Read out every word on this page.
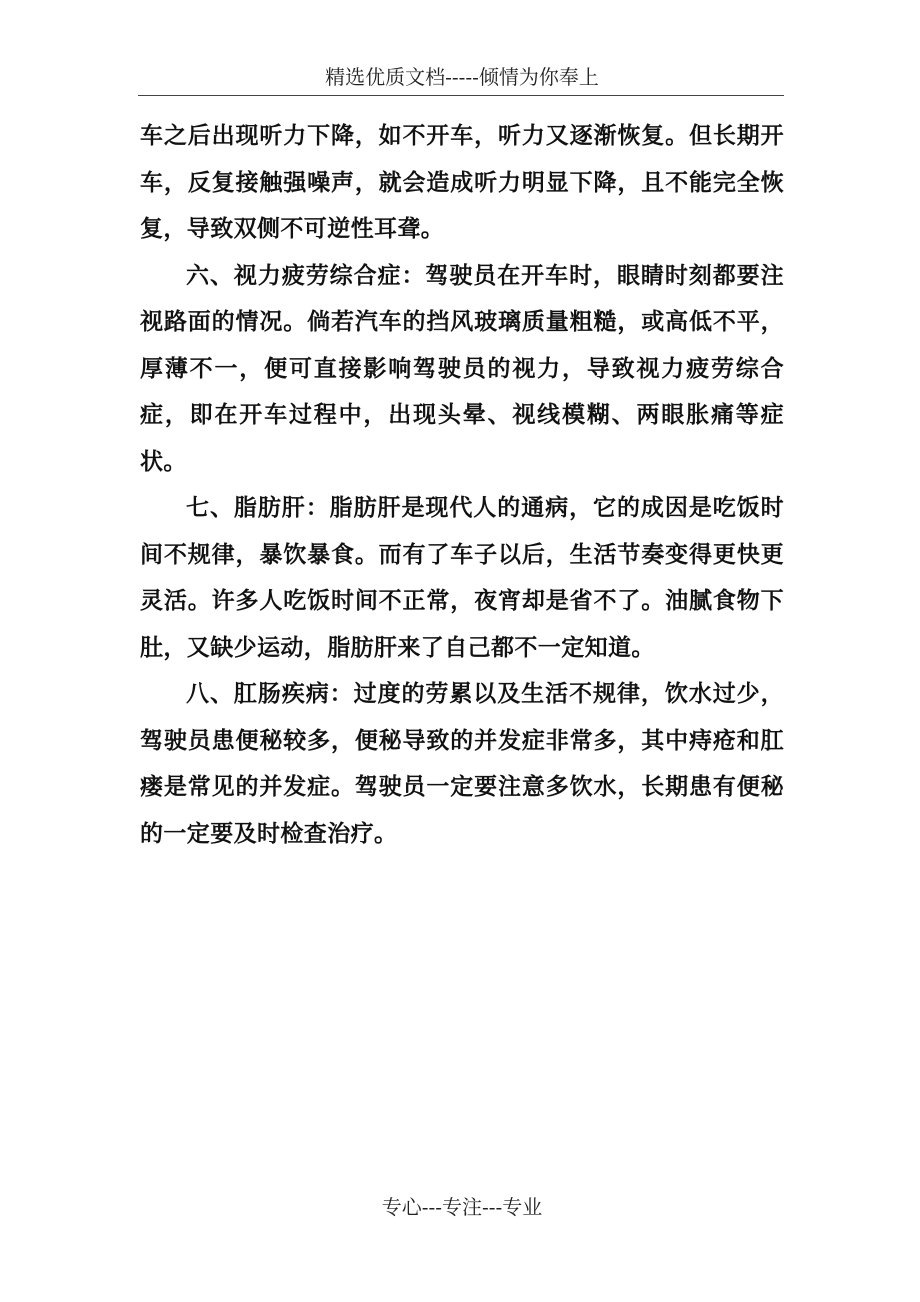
精选优质文档-----倾情为你奉上

车之后出现听力下降，如不开车，听力又逐渐恢复。但长期开车，反复接触强噪声，就会造成听力明显下降，且不能完全恢复，导致双侧不可逆性耳聋。

六、视力疲劳综合症：驾驶员在开车时，眼睛时刻都要注视路面的情况。倘若汽车的挡风玻璃质量粗糙，或高低不平，厚薄不一，便可直接影响驾驶员的视力，导致视力疲劳综合症，即在开车过程中，出现头晕、视线模糊、两眼胀痛等症状。

七、脂肪肝：脂肪肝是现代人的通病，它的成因是吃饭时间不规律，暴饮暴食。而有了车子以后，生活节奏变得更快更灵活。许多人吃饭时间不正常，夜宵却是省不了。油腻食物下肚，又缺少运动，脂肪肝来了自己都不一定知道。

八、肛肠疾病：过度的劳累以及生活不规律，饮水过少，驾驶员患便秘较多，便秘导致的并发症非常多，其中痔疮和肛瘘是常见的并发症。驾驶员一定要注意多饮水，长期患有便秘的一定要及时检查治疗。

专心---专注---专业
